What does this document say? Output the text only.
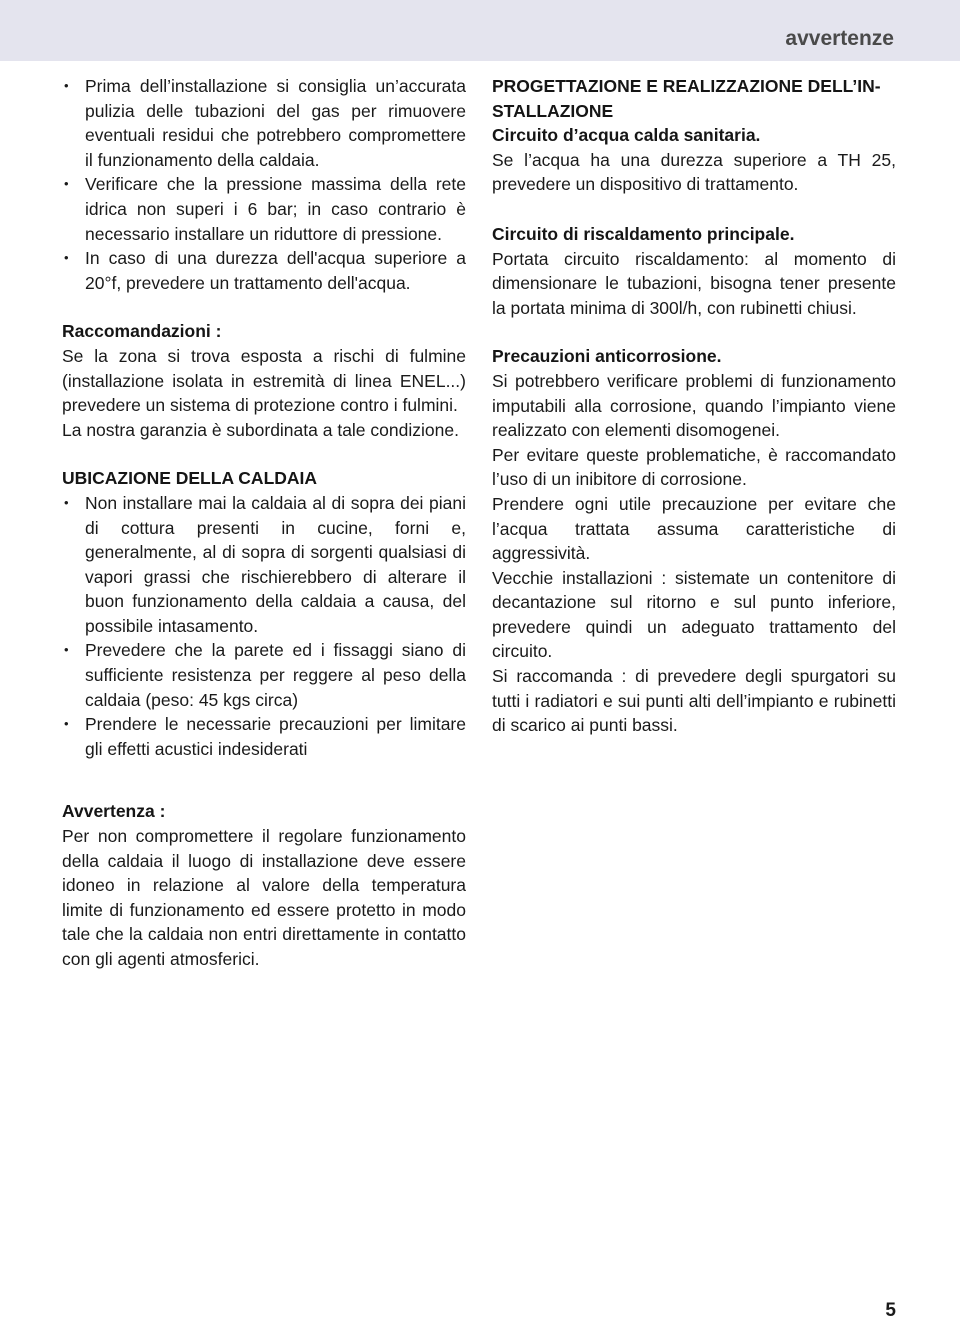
avvertenze
• Prima dell’installazione si consiglia un’accurata pulizia delle tubazioni del gas per rimuovere eventuali residui che potrebbero compromettere il funzionamento della caldaia.
• Verificare che la pressione massima della rete idrica non superi i 6 bar; in caso contrario è necessario installare un riduttore di pressione.
• In caso di una durezza dell'acqua superiore a 20°f, prevedere un trattamento dell'acqua.

Raccomandazioni :

Se la zona si trova esposta a rischi di fulmine (installazione isolata in estremità di linea ENEL...) prevedere un sistema di protezione contro i fulmini.

La nostra garanzia è subordinata a tale condizione.

UBICAZIONE DELLA CALDAIA

• Non installare mai la caldaia al di sopra dei piani di cottura presenti in cucine, forni e, generalmente, al di sopra di sorgenti qualsiasi di vapori grassi che rischierebbero di alterare il buon funzionamento della caldaia a causa, del possibile intasamento.
• Prevedere che la parete ed i fissaggi siano di sufficiente resistenza per reggere al peso della caldaia (peso: 45 kgs circa)
• Prendere le necessarie precauzioni per limitare gli effetti acustici indesiderati

Avvertenza :

Per non compromettere il regolare funzionamento della caldaia il luogo di installazione deve essere idoneo in relazione al valore della temperatura limite di funzionamento ed essere protetto in modo tale che la caldaia non entri direttamente in contatto con gli agenti atmosferici.

PROGETTAZIONE E REALIZZAZIONE DELL’IN-

STALLAZIONE

Circuito d’acqua calda sanitaria.

Se l’acqua ha una durezza superiore a TH 25, prevedere un dispositivo di trattamento.

Circuito di riscaldamento principale.

Portata circuito riscaldamento: al momento di dimensionare le tubazioni, bisogna tener presente la portata minima di 300l/h, con rubinetti chiusi.

Precauzioni anticorrosione.

Si potrebbero verificare problemi di funzionamento imputabili alla corrosione, quando l’impianto viene realizzato con elementi disomogenei.

Per evitare queste problematiche, è raccomandato l’uso di un inibitore di corrosione.

Prendere ogni utile precauzione per evitare che l’acqua trattata assuma caratteristiche di aggressività.

Vecchie installazioni : sistemate un contenitore di decantazione sul ritorno e sul punto inferiore, prevedere quindi un adeguato trattamento del circuito.

Si raccomanda : di prevedere degli spurgatori su tutti i radiatori e sui punti alti dell’impianto e rubinetti di scarico ai punti bassi.

5
